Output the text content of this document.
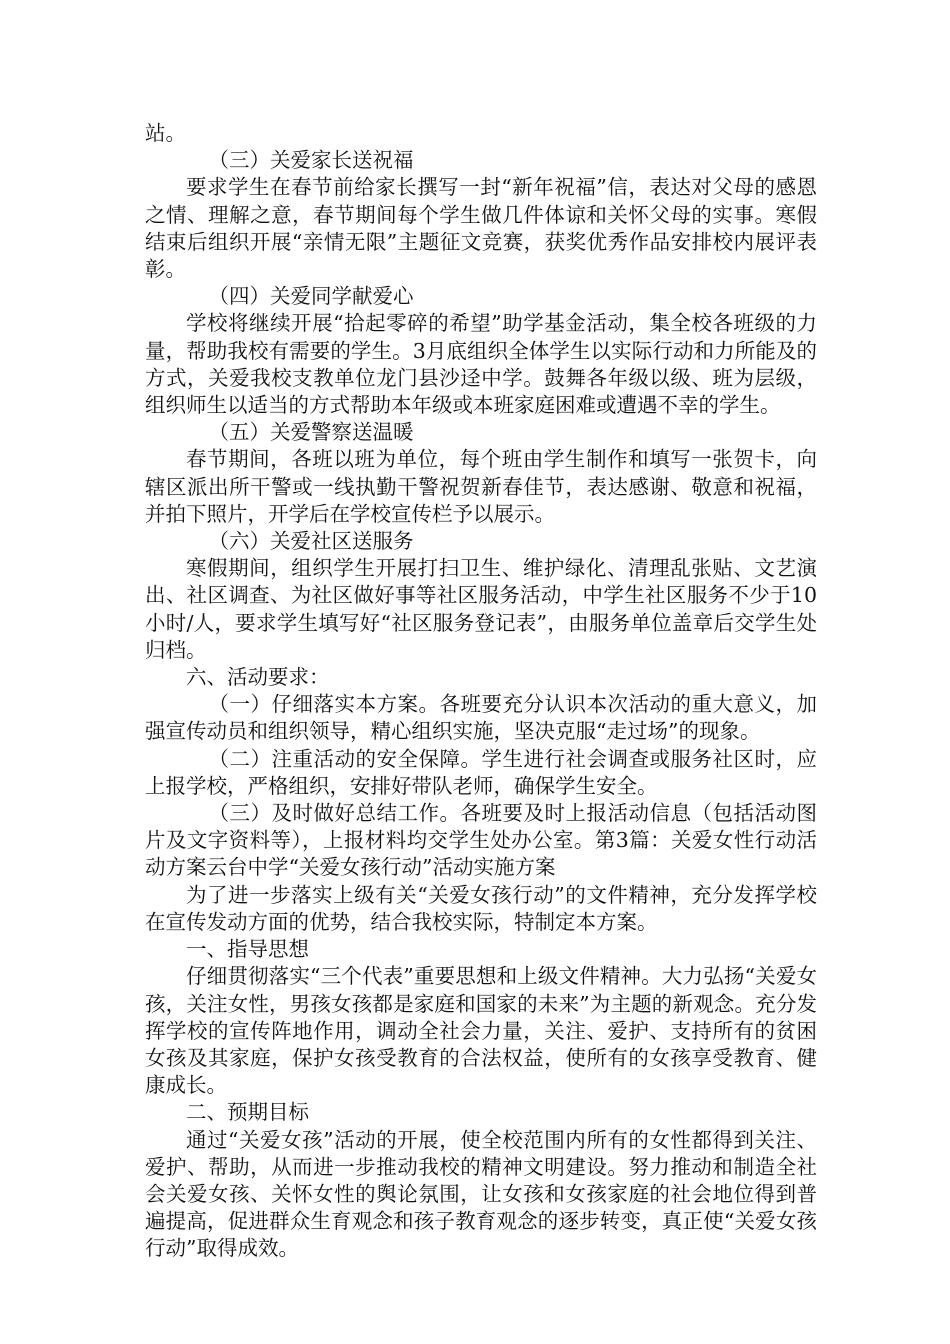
站。

（三）关爱家长送祝福

要求学生在春节前给家长撰写一封“新年祝福”信，表达对父母的感恩之情、理解之意，春节期间每个学生做几件体谅和关怀父母的实事。寒假结束后组织开展“亲情无限”主题征文竞赛，获奖优秀作品安排校内展评表彰。

（四）关爱同学献爱心

学校将继续开展“拾起零碎的希望”助学基金活动，集全校各班级的力量，帮助我校有需要的学生。3月底组织全体学生以实际行动和力所能及的方式，关爱我校支教单位龙门县沙迳中学。鼓舞各年级以级、班为层级，组织师生以适当的方式帮助本年级或本班家庭困难或遭遇不幸的学生。

（五）关爱警察送温暖

春节期间，各班以班为单位，每个班由学生制作和填写一张贺卡，向辖区派出所干警或一线执勤干警祝贺新春佳节，表达感谢、敬意和祝福，并拍下照片，开学后在学校宣传栏予以展示。

（六）关爱社区送服务

寒假期间，组织学生开展打扫卫生、维护绿化、清理乱张贴、文艺演出、社区调查、为社区做好事等社区服务活动，中学生社区服务不少于10小时/人，要求学生填写好“社区服务登记表”，由服务单位盖章后交学生处归档。

六、活动要求：

（一）仔细落实本方案。各班要充分认识本次活动的重大意义，加强宣传动员和组织领导，精心组织实施，坚决克服“走过场”的现象。

（二）注重活动的安全保障。学生进行社会调查或服务社区时，应上报学校，严格组织，安排好带队老师，确保学生安全。

（三）及时做好总结工作。各班要及时上报活动信息（包括活动图片及文字资料等），上报材料均交学生处办公室。第3篇：关爱女性行动活动方案云台中学“关爱女孩行动”活动实施方案

为了进一步落实上级有关“关爱女孩行动”的文件精神，充分发挥学校在宣传发动方面的优势，结合我校实际，特制定本方案。

一、指导思想

仔细贯彻落实“三个代表”重要思想和上级文件精神。大力弘扬“关爱女孩，关注女性，男孩女孩都是家庭和国家的未来”为主题的新观念。充分发挥学校的宣传阵地作用，调动全社会力量，关注、爱护、支持所有的贫困女孩及其家庭，保护女孩受教育的合法权益，使所有的女孩享受教育、健康成长。

二、预期目标

通过“关爱女孩”活动的开展，使全校范围内所有的女性都得到关注、爱护、帮助，从而进一步推动我校的精神文明建设。努力推动和制造全社会关爱女孩、关怀女性的舆论氛围，让女孩和女孩家庭的社会地位得到普遍提高，促进群众生育观念和孩子教育观念的逐步转变，真正使“关爱女孩行动”取得成效。
